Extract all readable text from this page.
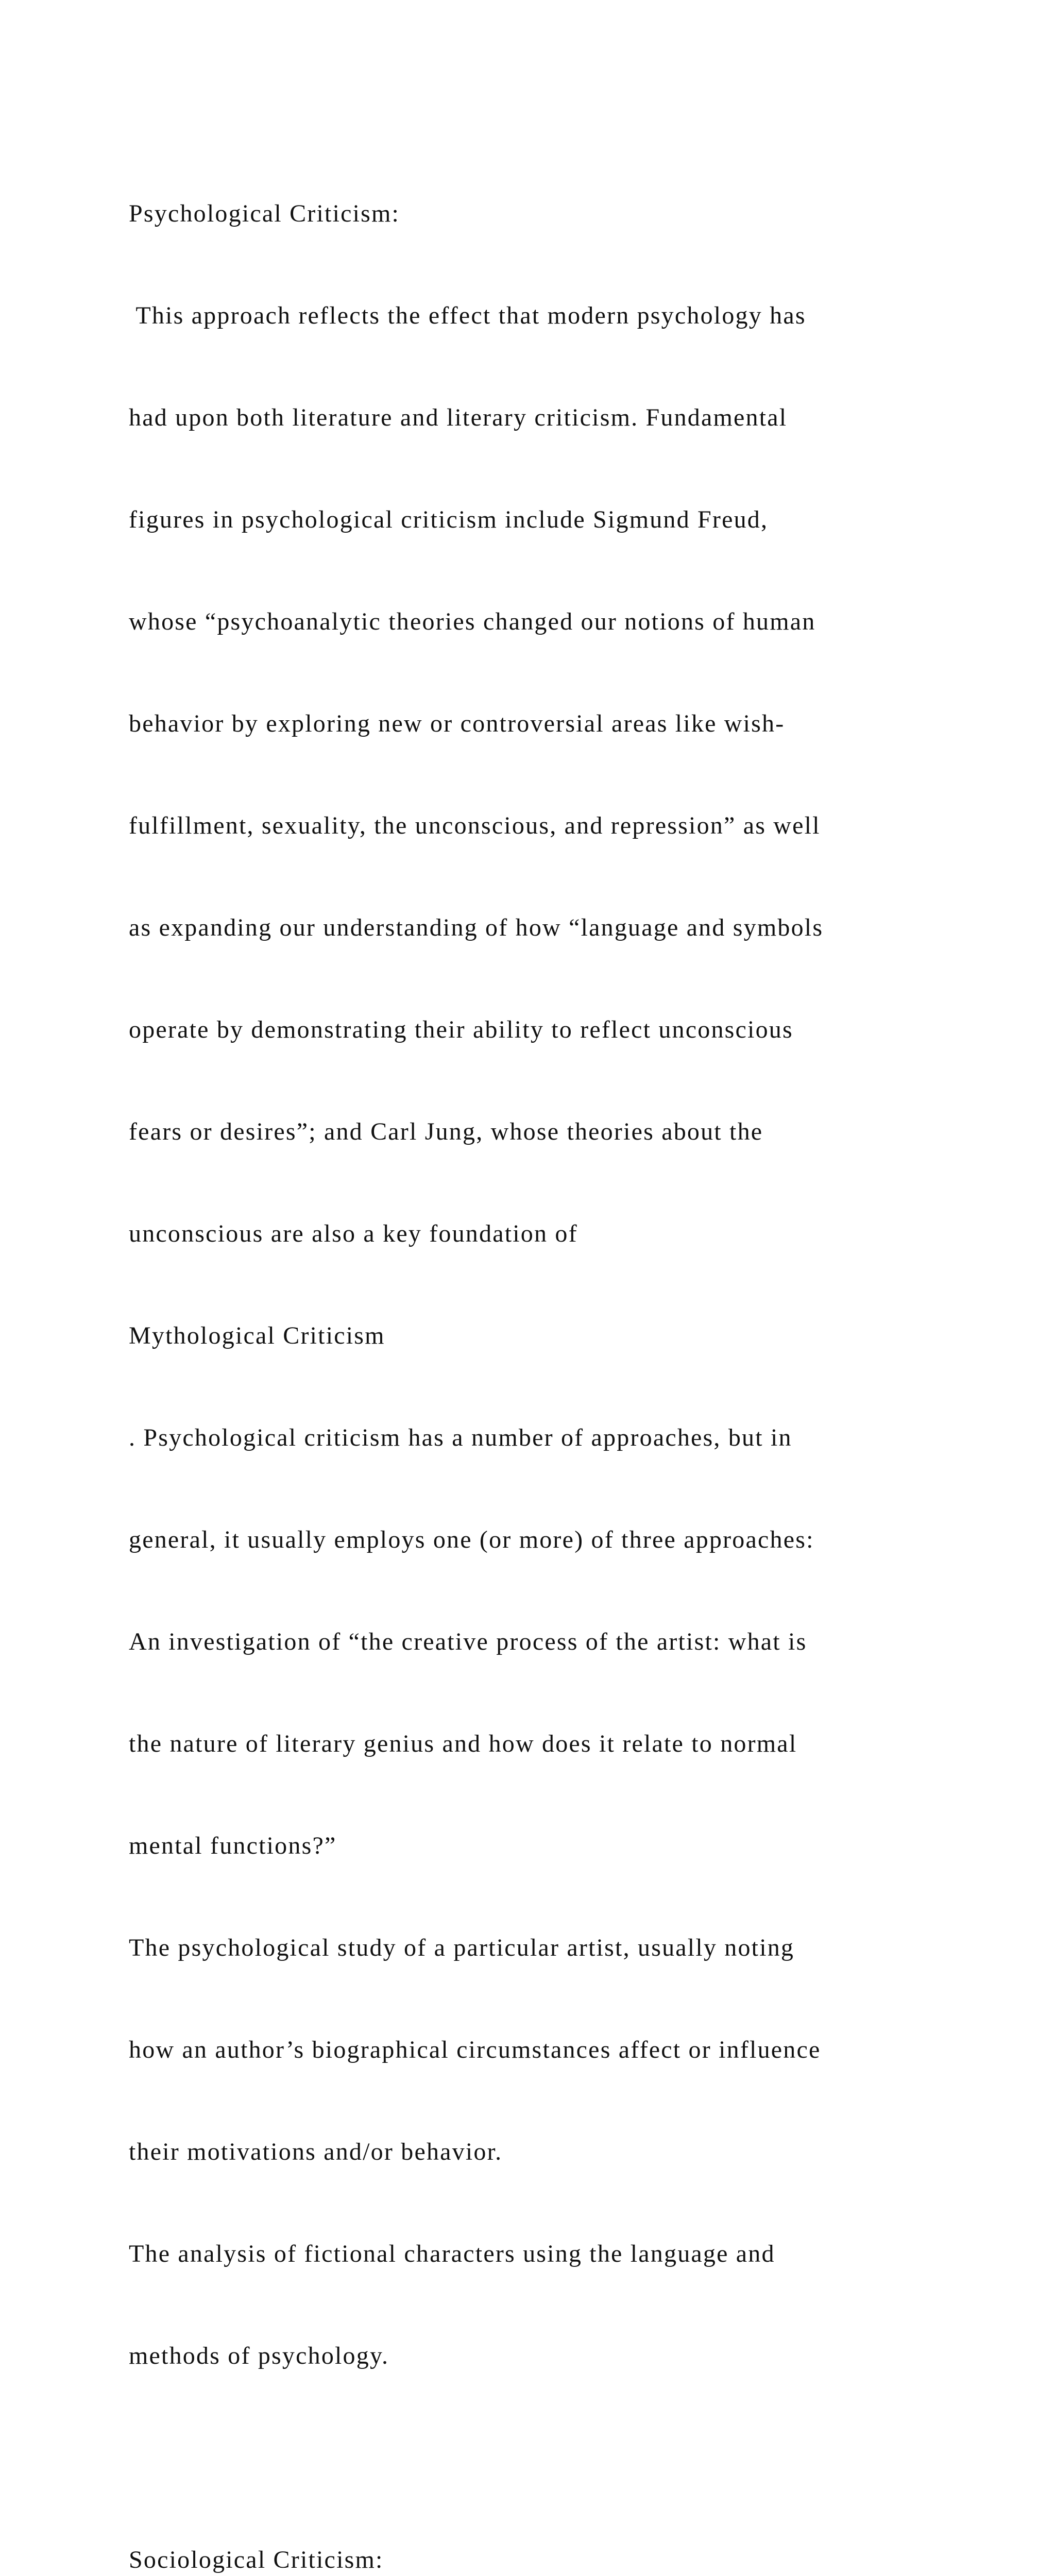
Psychological Criticism:

This approach reflects the effect that modern psychology has

had upon both literature and literary criticism. Fundamental

figures in psychological criticism include Sigmund Freud,

whose “psychoanalytic theories changed our notions of human

behavior by exploring new or controversial areas like wish-

fulfillment, sexuality, the unconscious, and repression” as well

as expanding our understanding of how “language and symbols

operate by demonstrating their ability to reflect unconscious

fears or desires”; and Carl Jung, whose theories about the

unconscious are also a key foundation of

Mythological Criticism

. Psychological criticism has a number of approaches, but in

general, it usually employs one (or more) of three approaches:

An investigation of “the creative process of the artist: what is

the nature of literary genius and how does it relate to normal

mental functions?”

The psychological study of a particular artist, usually noting

how an author’s biographical circumstances affect or influence

their motivations and/or behavior.

The analysis of fictional characters using the language and

methods of psychology.

Sociological Criticism:
